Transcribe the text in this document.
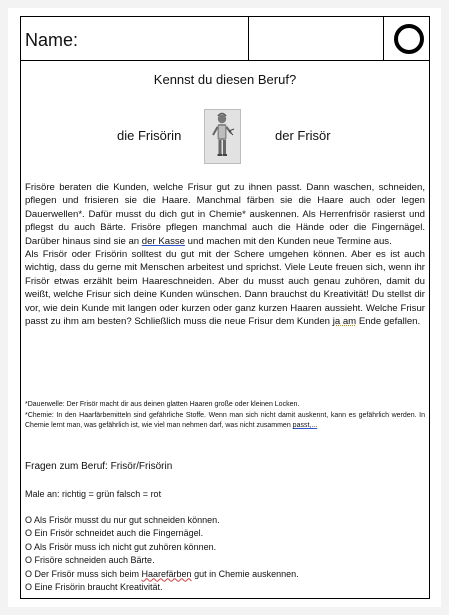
Name:
Kennst du diesen Beruf?
die Frisörin	der Frisör

Frisöre beraten die Kunden, welche Frisur gut zu ihnen passt. Dann waschen, schneiden, pflegen und frisieren sie die Haare. Manchmal färben sie die Haare auch oder legen Dauerwellen*. Dafür musst du dich gut in Chemie* auskennen. Als Herrenfrisör rasierst und pflegst du auch Bärte. Frisöre pflegen manchmal auch die Hände oder die Fingernägel. Darüber hinaus sind sie an der Kasse und machen mit den Kunden neue Termine aus.

Als Frisör oder Frisörin solltest du gut mit der Schere umgehen können. Aber es ist auch wichtig, dass du gerne mit Menschen arbeitest und sprichst. Viele Leute freuen sich, wenn ihr Frisör etwas erzählt beim Haareschneiden. Aber du musst auch genau zuhören, damit du weißt, welche Frisur sich deine Kunden wünschen. Dann brauchst du Kreativität! Du stellst dir vor, wie dein Kunde mit langen oder kurzen oder ganz kurzen Haaren aussieht. Welche Frisur passt zu ihm am besten? Schließlich muss die neue Frisur dem Kunden ja am Ende gefallen.

*Dauerwelle: Der Frisör macht dir aus deinen glatten Haaren große oder kleinen Locken.
*Chemie: In den Haarfärbemitteln sind gefährliche Stoffe. Wenn man sich nicht damit auskennt, kann es gefährlich werden. In Chemie lernt man, was gefährlich ist, wie viel man nehmen darf, was nicht zusammen passt,...
Fragen zum Beruf: Frisör/Frisörin
Male an: richtig = grün falsch = rot

O Als Frisör musst du nur gut schneiden können.

O Ein Frisör schneidet auch die Fingernägel.

O Als Frisör muss ich nicht gut zuhören können.

O Frisöre schneiden auch Bärte.

O Der Frisör muss sich beim Haarefärben gut in Chemie auskennen.

O Eine Frisörin braucht Kreativität.
